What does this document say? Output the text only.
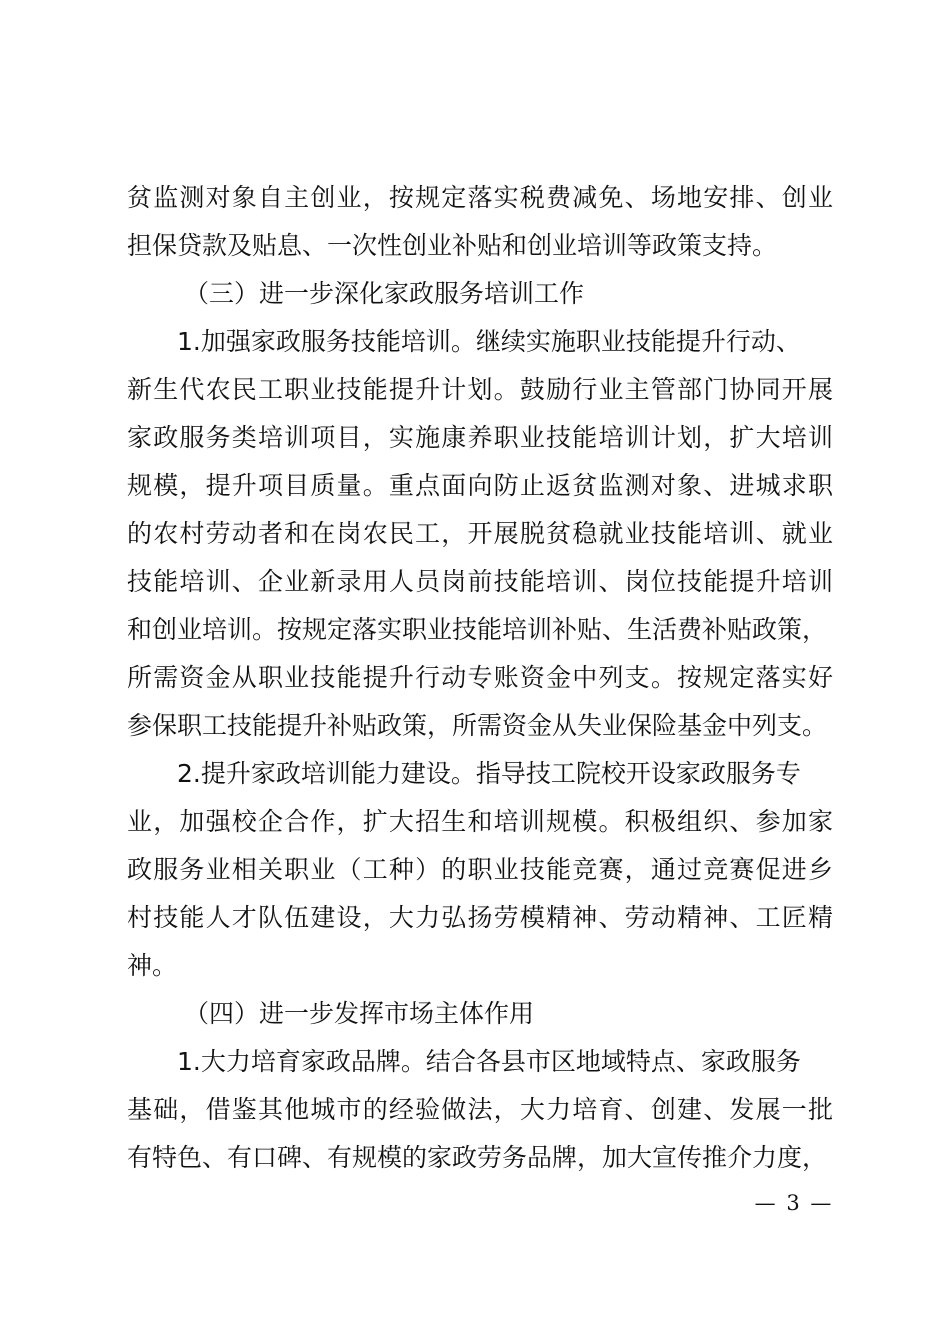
贫监测对象自主创业，按规定落实税费减免、场地安排、创业
担保贷款及贴息、一次性创业补贴和创业培训等政策支持。
（三）进一步深化家政服务培训工作
1.加强家政服务技能培训。继续实施职业技能提升行动、
新生代农民工职业技能提升计划。鼓励行业主管部门协同开展
家政服务类培训项目，实施康养职业技能培训计划，扩大培训
规模，提升项目质量。重点面向防止返贫监测对象、进城求职
的农村劳动者和在岗农民工，开展脱贫稳就业技能培训、就业
技能培训、企业新录用人员岗前技能培训、岗位技能提升培训
和创业培训。按规定落实职业技能培训补贴、生活费补贴政策，
所需资金从职业技能提升行动专账资金中列支。按规定落实好
参保职工技能提升补贴政策，所需资金从失业保险基金中列支。
2.提升家政培训能力建设。指导技工院校开设家政服务专
业，加强校企合作，扩大招生和培训规模。积极组织、参加家
政服务业相关职业（工种）的职业技能竞赛，通过竞赛促进乡
村技能人才队伍建设，大力弘扬劳模精神、劳动精神、工匠精
神。
（四）进一步发挥市场主体作用
1.大力培育家政品牌。结合各县市区地域特点、家政服务
基础，借鉴其他城市的经验做法，大力培育、创建、发展一批
有特色、有口碑、有规模的家政劳务品牌，加大宣传推介力度，
— 3 —
